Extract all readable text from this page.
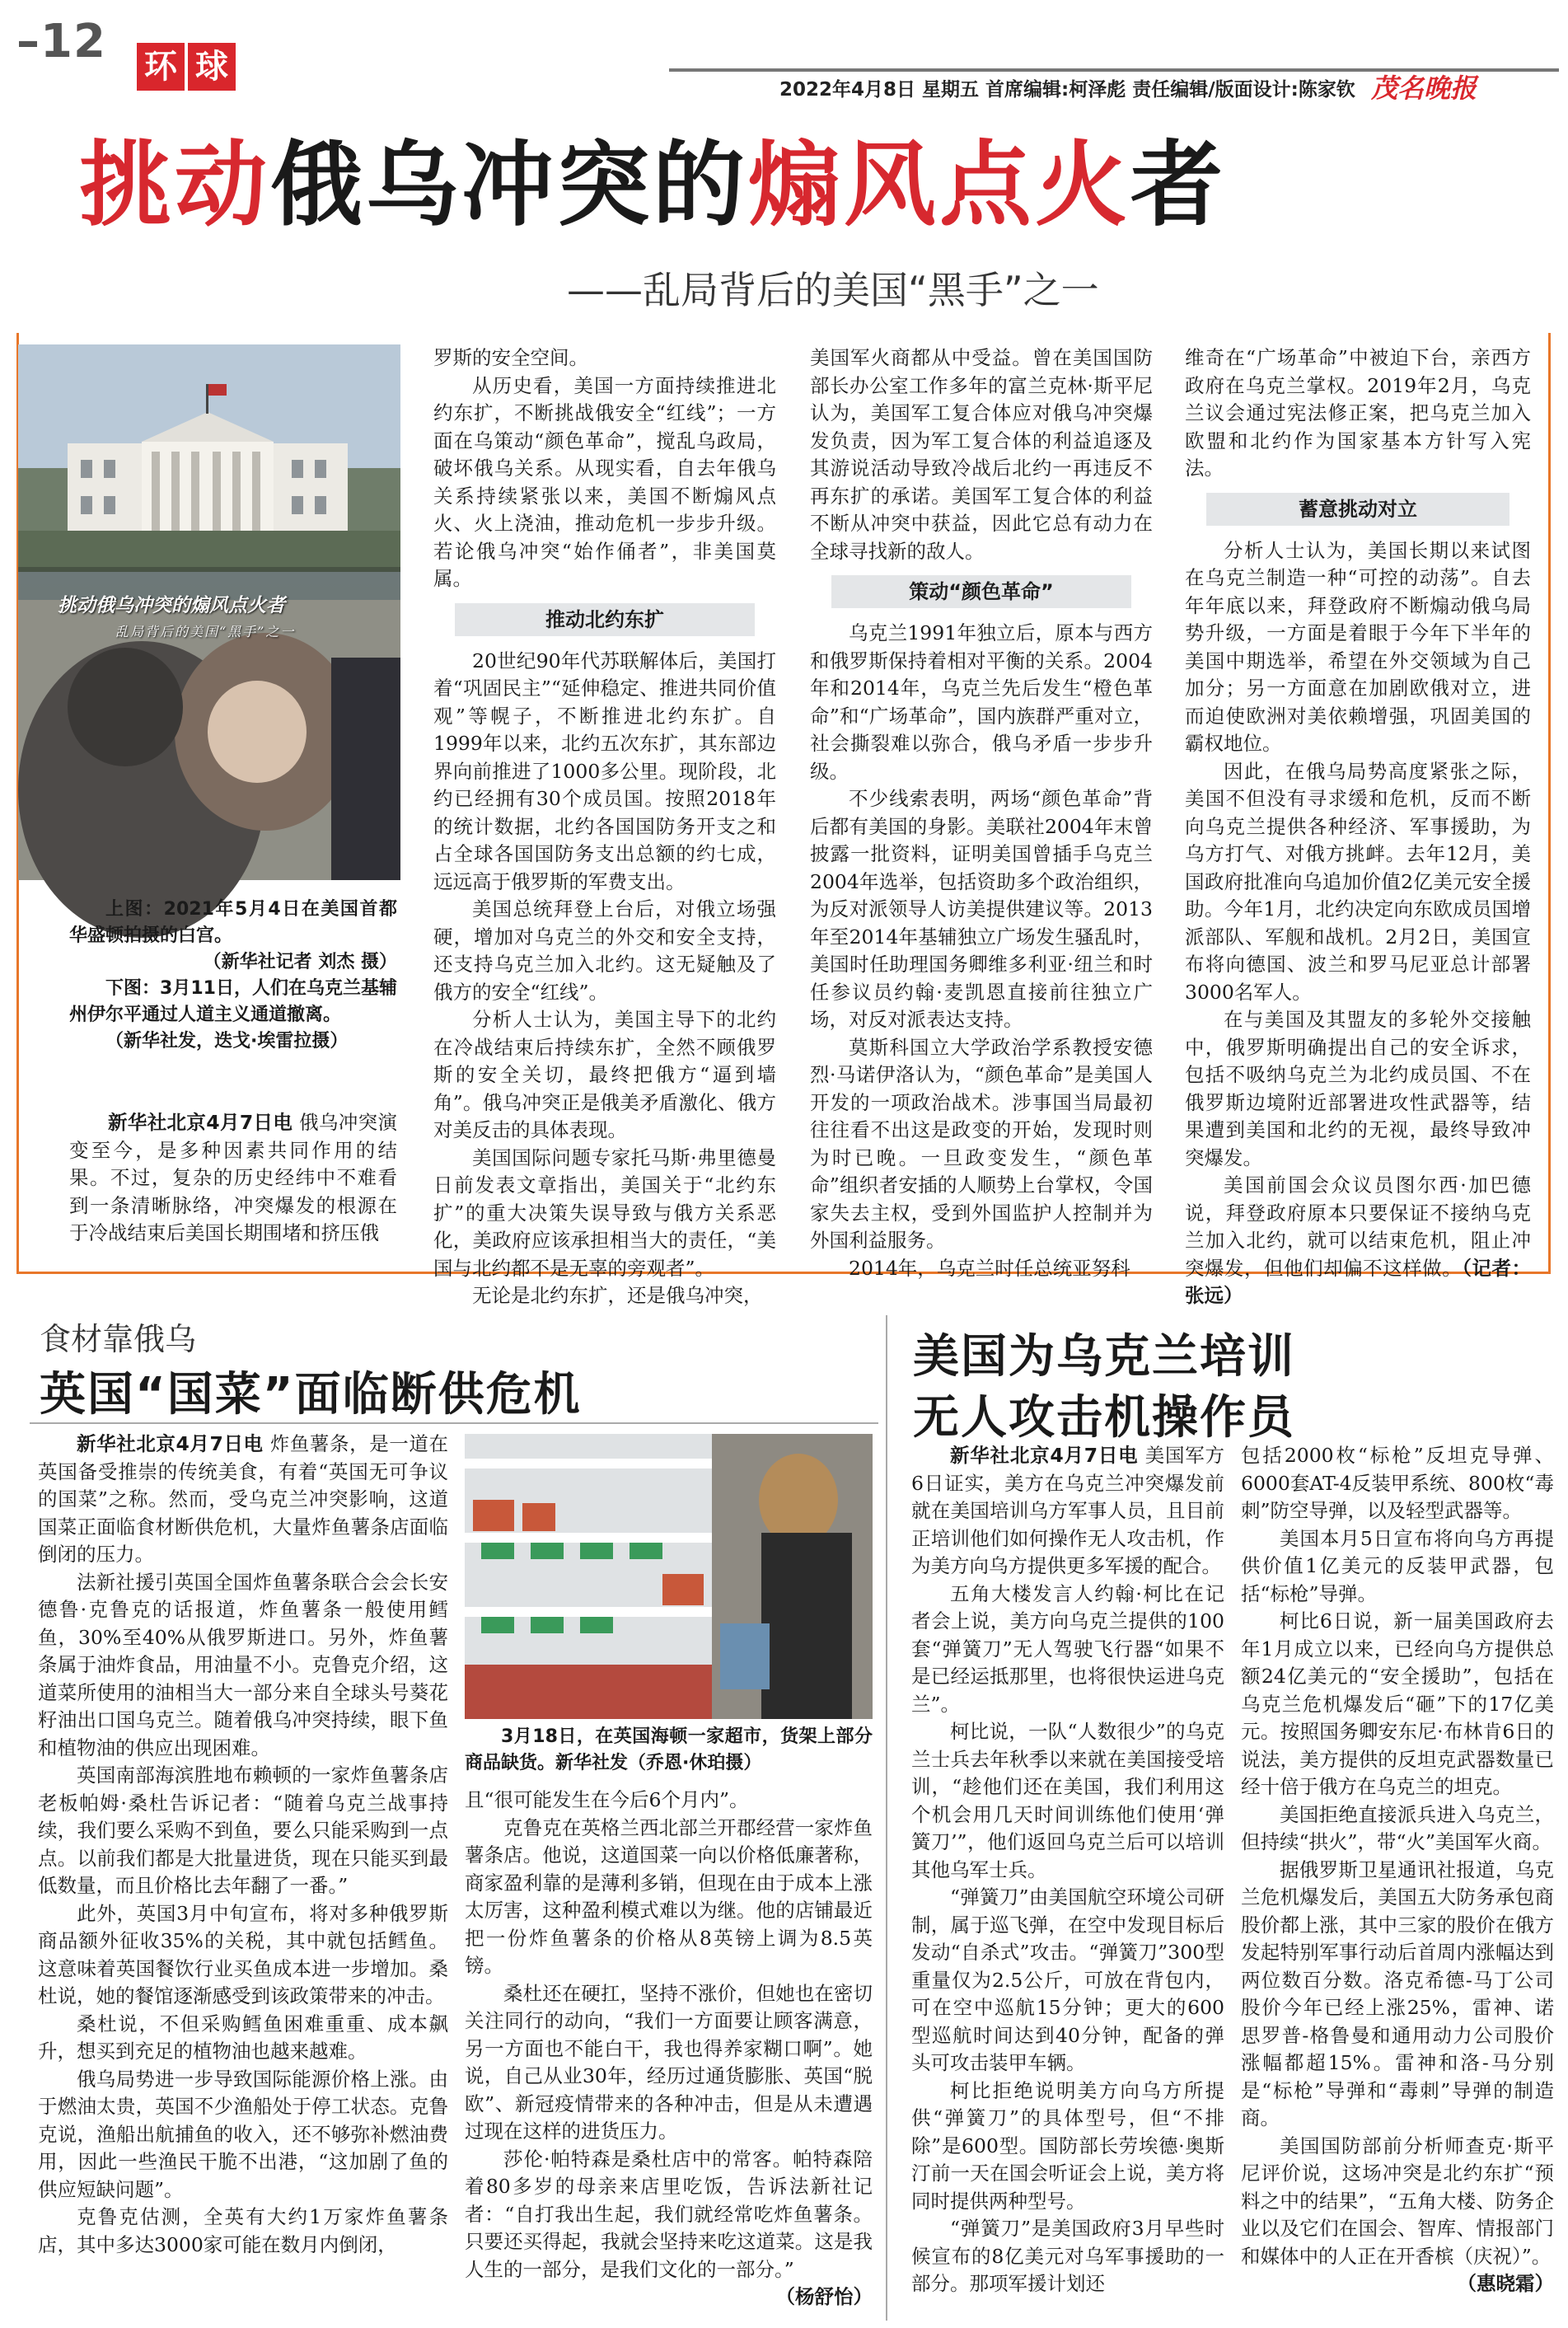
–12 环 球
2022年4月8日 星期五 首席编辑:柯泽彪 责任编辑/版面设计:陈家钦 茂名晚报
挑动俄乌冲突的煽风点火者
——乱局背后的美国“黑手”之一
挑动俄乌冲突的煽风点火者
乱局背后的美国“黑手”之一
上图：2021年5月4日在美国首都华盛顿拍摄的白宫。
（新华社记者 刘杰 摄）
下图：3月11日，人们在乌克兰基辅州伊尔平通过人道主义通道撤离。
（新华社发，迭戈·埃雷拉摄）

新华社北京4月7日电 俄乌冲突演变至今，是多种因素共同作用的结果。不过，复杂的历史经纬中不难看到一条清晰脉络，冲突爆发的根源在于冷战结束后美国长期围堵和挤压俄

罗斯的安全空间。

从历史看，美国一方面持续推进北约东扩，不断挑战俄安全“红线”；一方面在乌策动“颜色革命”，搅乱乌政局，破坏俄乌关系。从现实看，自去年俄乌关系持续紧张以来，美国不断煽风点火、火上浇油，推动危机一步步升级。若论俄乌冲突“始作俑者”，非美国莫属。

推动北约东扩

20世纪90年代苏联解体后，美国打着“巩固民主”“延伸稳定、推进共同价值观”等幌子，不断推进北约东扩。自1999年以来，北约五次东扩，其东部边界向前推进了1000多公里。现阶段，北约已经拥有30个成员国。按照2018年的统计数据，北约各国国防务开支之和占全球各国国防务支出总额的约七成，远远高于俄罗斯的军费支出。

美国总统拜登上台后，对俄立场强硬，增加对乌克兰的外交和安全支持，还支持乌克兰加入北约。这无疑触及了俄方的安全“红线”。

分析人士认为，美国主导下的北约在冷战结束后持续东扩，全然不顾俄罗斯的安全关切，最终把俄方“逼到墙角”。俄乌冲突正是俄美矛盾激化、俄方对美反击的具体表现。

美国国际问题专家托马斯·弗里德曼日前发表文章指出，美国关于“北约东扩”的重大决策失误导致与俄方关系恶化，美政府应该承担相当大的责任，“美国与北约都不是无辜的旁观者”。

无论是北约东扩，还是俄乌冲突，

美国军火商都从中受益。曾在美国国防部长办公室工作多年的富兰克林·斯平尼认为，美国军工复合体应对俄乌冲突爆发负责，因为军工复合体的利益追逐及其游说活动导致冷战后北约一再违反不再东扩的承诺。美国军工复合体的利益不断从冲突中获益，因此它总有动力在全球寻找新的敌人。

策动“颜色革命”

乌克兰1991年独立后，原本与西方和俄罗斯保持着相对平衡的关系。2004年和2014年，乌克兰先后发生“橙色革命”和“广场革命”，国内族群严重对立，社会撕裂难以弥合，俄乌矛盾一步步升级。

不少线索表明，两场“颜色革命”背后都有美国的身影。美联社2004年末曾披露一批资料，证明美国曾插手乌克兰2004年选举，包括资助多个政治组织，为反对派领导人访美提供建议等。2013年至2014年基辅独立广场发生骚乱时，美国时任助理国务卿维多利亚·纽兰和时任参议员约翰·麦凯恩直接前往独立广场，对反对派表达支持。

莫斯科国立大学政治学系教授安德烈·马诺伊洛认为，“颜色革命”是美国人开发的一项政治战术。涉事国当局最初往往看不出这是政变的开始，发现时则为时已晚。一旦政变发生，“颜色革命”组织者安插的人顺势上台掌权，令国家失去主权，受到外国监护人控制并为外国利益服务。

2014年，乌克兰时任总统亚努科

维奇在“广场革命”中被迫下台，亲西方政府在乌克兰掌权。2019年2月，乌克兰议会通过宪法修正案，把乌克兰加入欧盟和北约作为国家基本方针写入宪法。

蓄意挑动对立

分析人士认为，美国长期以来试图在乌克兰制造一种“可控的动荡”。自去年年底以来，拜登政府不断煽动俄乌局势升级，一方面是着眼于今年下半年的美国中期选举，希望在外交领域为自己加分；另一方面意在加剧欧俄对立，进而迫使欧洲对美依赖增强，巩固美国的霸权地位。

因此，在俄乌局势高度紧张之际，美国不但没有寻求缓和危机，反而不断向乌克兰提供各种经济、军事援助，为乌方打气、对俄方挑衅。去年12月，美国政府批准向乌追加价值2亿美元安全援助。今年1月，北约决定向东欧成员国增派部队、军舰和战机。2月2日，美国宣布将向德国、波兰和罗马尼亚总计部署3000名军人。

在与美国及其盟友的多轮外交接触中，俄罗斯明确提出自己的安全诉求，包括不吸纳乌克兰为北约成员国、不在俄罗斯边境附近部署进攻性武器等，结果遭到美国和北约的无视，最终导致冲突爆发。

美国前国会众议员图尔西·加巴德说，拜登政府原本只要保证不接纳乌克兰加入北约，就可以结束危机，阻止冲突爆发，但他们却偏不这样做。（记者：张远）

食材靠俄乌
英国“国菜”面临断供危机

新华社北京4月7日电 炸鱼薯条，是一道在英国备受推崇的传统美食，有着“英国无可争议的国菜”之称。然而，受乌克兰冲突影响，这道国菜正面临食材断供危机，大量炸鱼薯条店面临倒闭的压力。

法新社援引英国全国炸鱼薯条联合会会长安德鲁·克鲁克的话报道，炸鱼薯条一般使用鳕鱼，30%至40%从俄罗斯进口。另外，炸鱼薯条属于油炸食品，用油量不小。克鲁克介绍，这道菜所使用的油相当大一部分来自全球头号葵花籽油出口国乌克兰。随着俄乌冲突持续，眼下鱼和植物油的供应出现困难。

英国南部海滨胜地布赖顿的一家炸鱼薯条店老板帕姆·桑杜告诉记者：“随着乌克兰战事持续，我们要么采购不到鱼，要么只能采购到一点点。以前我们都是大批量进货，现在只能买到最低数量，而且价格比去年翻了一番。”

此外，英国3月中旬宣布，将对多种俄罗斯商品额外征收35%的关税，其中就包括鳕鱼。这意味着英国餐饮行业买鱼成本进一步增加。桑杜说，她的餐馆逐渐感受到该政策带来的冲击。

桑杜说，不但采购鳕鱼困难重重、成本飙升，想买到充足的植物油也越来越难。

俄乌局势进一步导致国际能源价格上涨。由于燃油太贵，英国不少渔船处于停工状态。克鲁克说，渔船出航捕鱼的收入，还不够弥补燃油费用，因此一些渔民干脆不出港，“这加剧了鱼的供应短缺问题”。

克鲁克估测，全英有大约1万家炸鱼薯条店，其中多达3000家可能在数月内倒闭，

3月18日，在英国海顿一家超市，货架上部分商品缺货。新华社发（乔恩·休珀摄）

且“很可能发生在今后6个月内”。

克鲁克在英格兰西北部兰开郡经营一家炸鱼薯条店。他说，这道国菜一向以价格低廉著称，商家盈利靠的是薄利多销，但现在由于成本上涨太厉害，这种盈利模式难以为继。他的店铺最近把一份炸鱼薯条的价格从8英镑上调为8.5英镑。

桑杜还在硬扛，坚持不涨价，但她也在密切关注同行的动向，“我们一方面要让顾客满意，另一方面也不能白干，我也得养家糊口啊”。她说，自己从业30年，经历过通货膨胀、英国“脱欧”、新冠疫情带来的各种冲击，但是从未遭遇过现在这样的进货压力。

莎伦·帕特森是桑杜店中的常客。帕特森陪着80多岁的母亲来店里吃饭，告诉法新社记者：“自打我出生起，我们就经常吃炸鱼薯条。只要还买得起，我就会坚持来吃这道菜。这是我人生的一部分，是我们文化的一部分。”
（杨舒怡）

美国为乌克兰培训
无人攻击机操作员

新华社北京4月7日电 美国军方6日证实，美方在乌克兰冲突爆发前就在美国培训乌方军事人员，且目前正培训他们如何操作无人攻击机，作为美方向乌方提供更多军援的配合。

五角大楼发言人约翰·柯比在记者会上说，美方向乌克兰提供的100套“弹簧刀”无人驾驶飞行器“如果不是已经运抵那里，也将很快运进乌克兰”。

柯比说，一队“人数很少”的乌克兰士兵去年秋季以来就在美国接受培训，“趁他们还在美国，我们利用这个机会用几天时间训练他们使用‘弹簧刀’”，他们返回乌克兰后可以培训其他乌军士兵。

“弹簧刀”由美国航空环境公司研制，属于巡飞弹，在空中发现目标后发动“自杀式”攻击。“弹簧刀”300型重量仅为2.5公斤，可放在背包内，可在空中巡航15分钟；更大的600型巡航时间达到40分钟，配备的弹头可攻击装甲车辆。

柯比拒绝说明美方向乌方所提供“弹簧刀”的具体型号，但“不排除”是600型。国防部长劳埃德·奥斯汀前一天在国会听证会上说，美方将同时提供两种型号。

“弹簧刀”是美国政府3月早些时候宣布的8亿美元对乌军事援助的一部分。那项军援计划还

包括2000枚“标枪”反坦克导弹、6000套AT-4反装甲系统、800枚“毒刺”防空导弹，以及轻型武器等。

美国本月5日宣布将向乌方再提供价值1亿美元的反装甲武器，包括“标枪”导弹。

柯比6日说，新一届美国政府去年1月成立以来，已经向乌方提供总额24亿美元的“安全援助”，包括在乌克兰危机爆发后“砸”下的17亿美元。按照国务卿安东尼·布林肯6日的说法，美方提供的反坦克武器数量已经十倍于俄方在乌克兰的坦克。

美国拒绝直接派兵进入乌克兰，但持续“拱火”，带“火”美国军火商。

据俄罗斯卫星通讯社报道，乌克兰危机爆发后，美国五大防务承包商股价都上涨，其中三家的股价在俄方发起特别军事行动后首周内涨幅达到两位数百分数。洛克希德-马丁公司股价今年已经上涨25%，雷神、诺思罗普-格鲁曼和通用动力公司股价涨幅都超15%。雷神和洛-马分别是“标枪”导弹和“毒刺”导弹的制造商。

美国国防部前分析师查克·斯平尼评价说，这场冲突是北约东扩“预料之中的结果”，“五角大楼、防务企业以及它们在国会、智库、情报部门和媒体中的人正在开香槟（庆祝）”。
（惠晓霜）
